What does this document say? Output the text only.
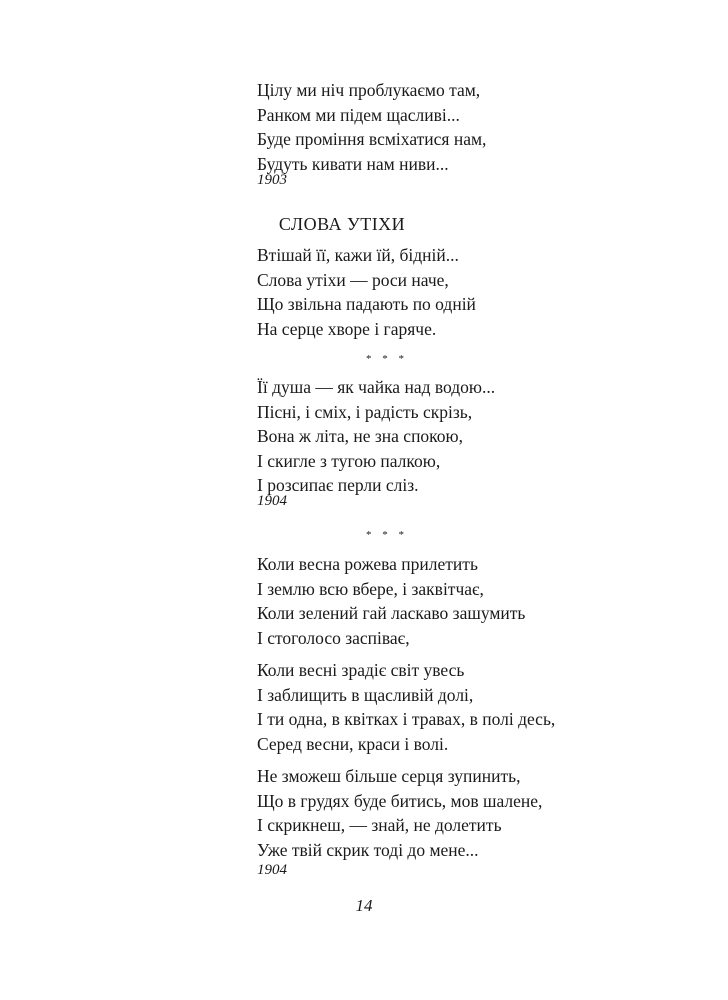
Цілу ми ніч проблукаємо там,
Ранком ми підем щасливі...
Буде проміння всміхатися нам,
Будуть кивати нам ниви...
1903
СЛОВА УТІХИ
Втішай її, кажи їй, бідній...
Слова утіхи — роси наче,
Що звільна падають по одній
На серце хворе і гаряче.
* * *
Її душа — як чайка над водою...
Пісні, і сміх, і радість скрізь,
Вона ж літа, не зна спокою,
І скигле з тугою палкою,
І розсипає перли сліз.
1904
* * *
Коли весна рожева прилетить
І землю всю вбере, і заквітчає,
Коли зелений гай ласкаво зашумить
І стоголосо заспіває,
Коли весні зрадіє світ увесь
І заблищить в щасливій долі,
І ти одна, в квітках і травах, в полі десь,
Серед весни, краси і волі.
Не зможеш більше серця зупинить,
Що в грудях буде битись, мов шалене,
І скрикнеш, — знай, не долетить
Уже твій скрик тоді до мене...
1904
14
